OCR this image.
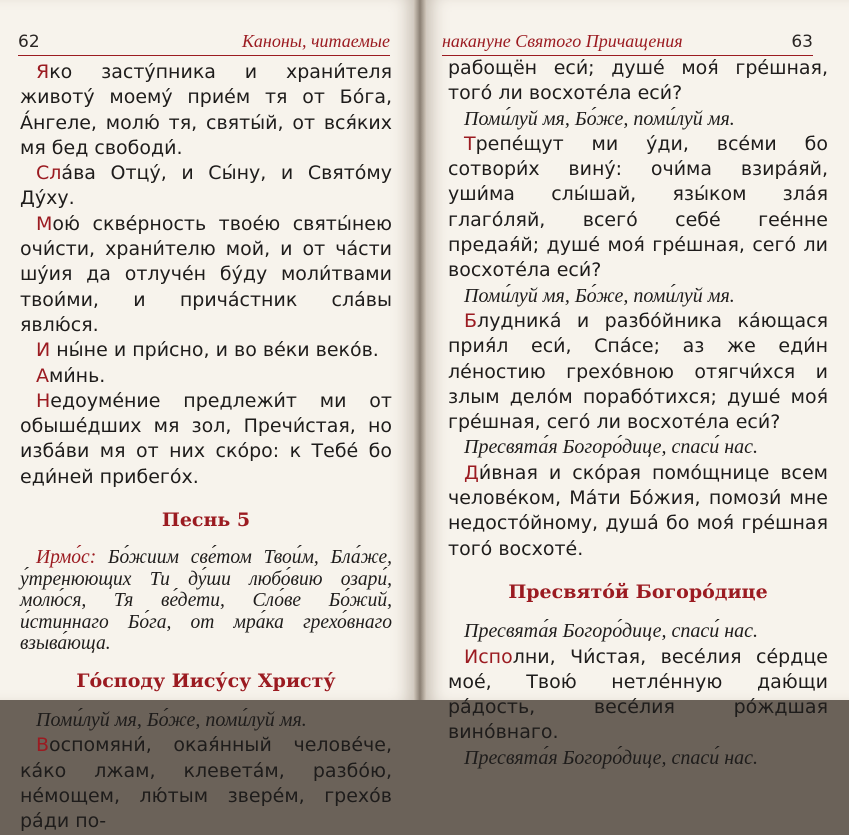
62	Каноны, читаемые

Яко засту́пника и храни́теля животу́ моему́ прие́м тя от Бо́га, А́нгеле, молю́ тя, святы́й, от вся́ких мя бед свободи́.

Сла́ва Отцу́, и Сы́ну, и Свято́му Ду́ху.

Мою́ скве́рность твое́ю святы́нею очи́сти, храни́телю мой, и от ча́сти шу́ия да отлуче́н бу́ду моли́твами твои́ми, и прича́стник сла́вы явлю́ся.

И ны́не и при́сно, и во ве́ки веко́в.

Ами́нь.

Недоуме́ние предлежи́т ми от обыше́дших мя зол, Пречи́стая, но изба́ви мя от них ско́ро: к Тебе́ бо еди́ней прибего́х.

Песнь 5

Ирмо́с: Бо́жиим све́том Твои́м, Бла́же, у́тренюющих Ти ду́ши любо́вию озари́, молю́ся, Тя ве́дети, Сло́ве Бо́жий, и́стиннаго Бо́га, от мра́ка грехо́внаго взыва́юща.

Го́споду Иису́су Христу́

Поми́луй мя, Бо́же, поми́луй мя.

Воспомяни́, окая́нный челове́че, ка́ко лжам, клевета́м, разбо́ю, не́мощем, лю́тым звере́м, грехо́в ра́ди по-

накануне Святого Причащения	63

рабощён еси́; душе́ моя́ гре́шная, того́ ли восхоте́ла еси́?

Поми́луй мя, Бо́же, поми́луй мя.

Трепе́щут ми у́ди, все́ми бо сотвори́х вину́: очи́ма взира́яй, уши́ма слы́шай, язы́ком зла́я глаго́ляй, всего́ себе́ гее́нне предая́й; душе́ моя́ гре́шная, сего́ ли восхоте́ла еси́?

Поми́луй мя, Бо́же, поми́луй мя.

Блудника́ и разбо́йника ка́ющася прия́л еси́, Спа́се; аз же еди́н ле́ностию грехо́вною отягчи́хся и злым дело́м порабо́тихся; душе́ моя́ гре́шная, сего́ ли восхоте́ла еси́?

Пресвята́я Богоро́дице, спаси́ нас.

Ди́вная и ско́рая помо́щнице всем челове́ком, Ма́ти Бо́жия, помози́ мне недосто́йному, душа́ бо моя́ гре́шная того́ восхоте́.

Пресвято́й Богоро́дице

Пресвята́я Богоро́дице, спаси́ нас.

Исполни, Чи́стая, весе́лия се́рдце мое́, Твою́ нетле́нную даю́щи ра́дость, весе́лия ро́ждшая вино́внаго.

Пресвята́я Богоро́дице, спаси́ нас.
